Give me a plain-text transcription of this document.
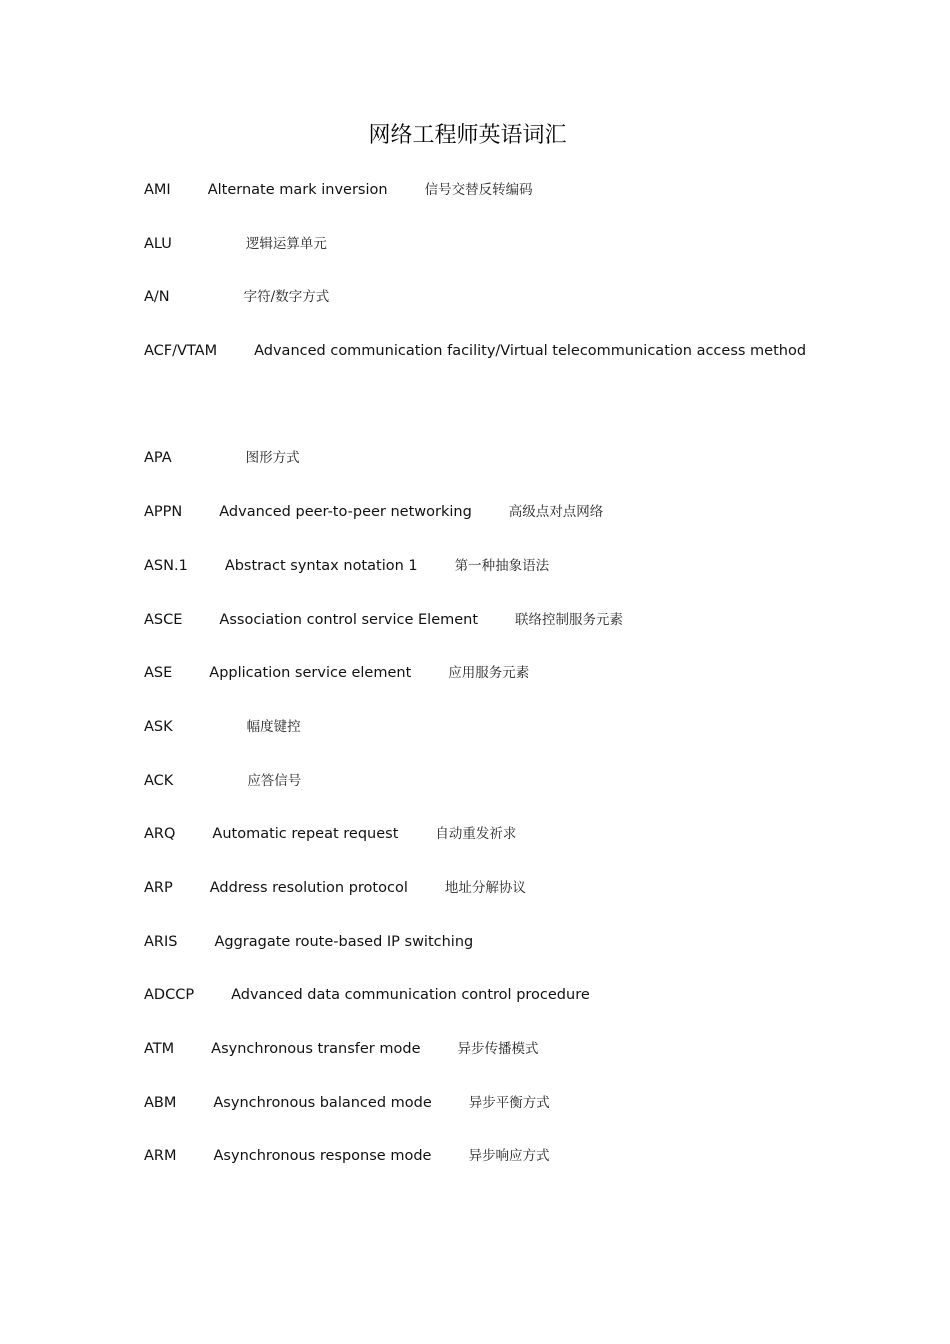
网络工程师英语词汇
AMI	Alternate mark inversion	信号交替反转编码
ALU	逻辑运算单元
A/N	字符/数字方式
ACF/VTAM	Advanced communication facility/Virtual telecommunication access method
APA	图形方式
APPN	Advanced peer-to-peer networking	高级点对点网络
ASN.1	Abstract syntax notation 1	第一种抽象语法
ASCE	Association control service Element	联络控制服务元素
ASE	Application service element	应用服务元素
ASK	幅度键控
ACK	应答信号
ARQ	Automatic repeat request	自动重发祈求
ARP	Address resolution protocol	地址分解协议
ARIS	Aggragate route-based IP switching
ADCCP	Advanced data communication control procedure
ATM	Asynchronous transfer mode	异步传播模式
ABM	Asynchronous balanced mode	异步平衡方式
ARM	Asynchronous response mode	异步响应方式
